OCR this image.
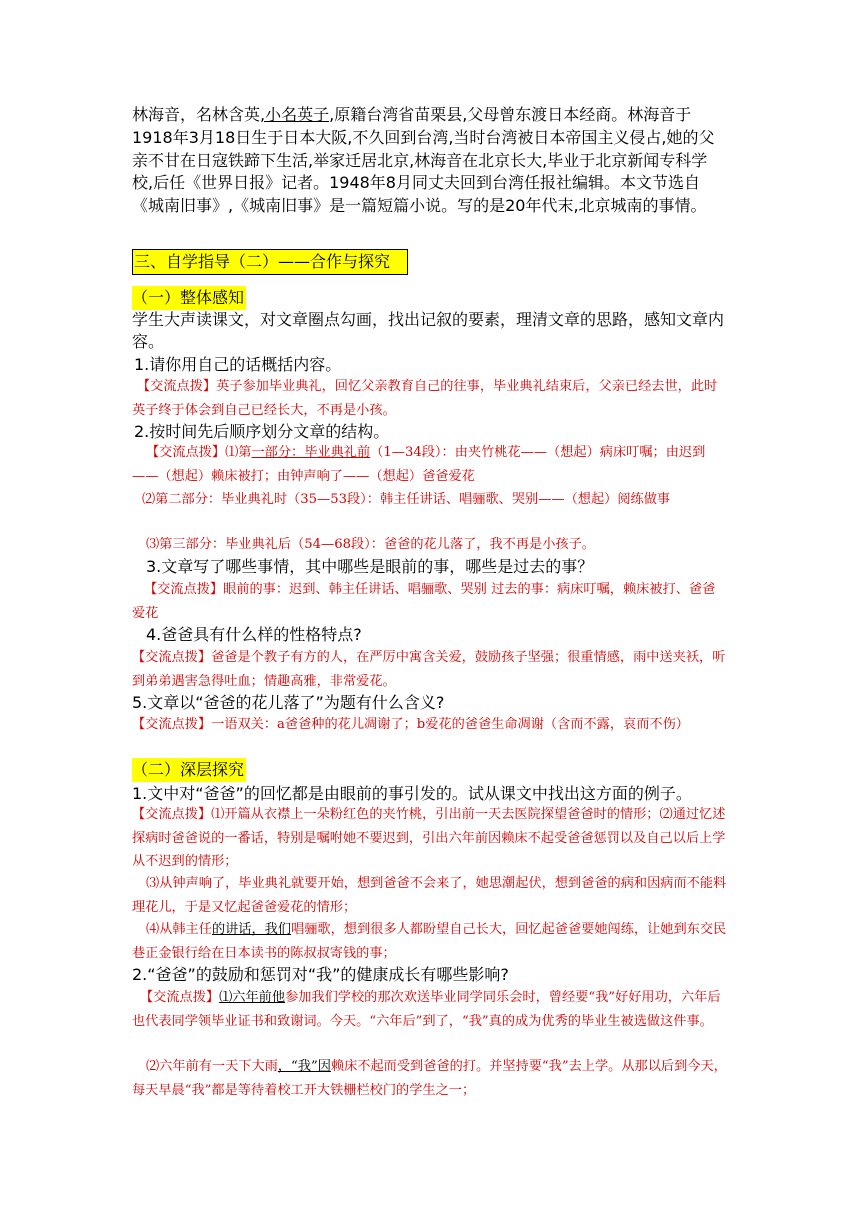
林海音，名林含英,小名英子,原籍台湾省苗栗县,父母曾东渡日本经商。林海音于1918年3月18日生于日本大阪,不久回到台湾,当时台湾被日本帝国主义侵占,她的父亲不甘在日寇铁蹄下生活,举家迁居北京,林海音在北京长大,毕业于北京新闻专科学校,后任《世界日报》记者。1948年8月同丈夫回到台湾任报社编辑。本文节选自《城南旧事》,《城南旧事》是一篇短篇小说。写的是20年代末,北京城南的事情。

三、自学指导（二）——合作与探究
（一）整体感知

学生大声读课文，对文章圈点勾画，找出记叙的要素，理清文章的思路，感知文章内容。

1.请你用自己的话概括内容。

【交流点拨】英子参加毕业典礼，回忆父亲教育自己的往事，毕业典礼结束后，父亲已经去世，此时英子终于体会到自己已经长大，不再是小孩。

2.按时间先后顺序划分文章的结构。

【交流点拨】⑴第一部分：毕业典礼前（1—34段）：由夹竹桃花——（想起）病床叮嘱；由迟到——（想起）赖床被打；由钟声响了——（想起）爸爸爱花

⑵第二部分：毕业典礼时（35—53段）：韩主任讲话、唱骊歌、哭别——（想起）阅练做事

⑶第三部分：毕业典礼后（54—68段）：爸爸的花儿落了，我不再是小孩子。

3.文章写了哪些事情，其中哪些是眼前的事，哪些是过去的事？

【交流点拨】眼前的事：迟到、韩主任讲话、唱骊歌、哭别 过去的事：病床叮嘱，赖床被打、爸爸爱花

4.爸爸具有什么样的性格特点?

【交流点拨】爸爸是个教子有方的人，在严厉中寓含关爱，鼓励孩子坚强；很重情感，雨中送夹袄，听到弟弟遇害急得吐血；情趣高雅，非常爱花。

5.文章以“爸爸的花儿落了”为题有什么含义?

【交流点拨】一语双关：a爸爸种的花儿凋谢了；b爱花的爸爸生命凋谢（含而不露，哀而不伤）

（二）深层探究
1.文中对“爸爸”的回忆都是由眼前的事引发的。试从课文中找出这方面的例子。

【交流点拨】⑴开篇从衣襟上一朵粉红色的夹竹桃，引出前一天去医院探望爸爸时的情形；⑵通过忆述探病时爸爸说的一番话，特别是嘱咐她不要迟到，引出六年前因赖床不起受爸爸惩罚以及自己以后上学从不迟到的情形；

⑶从钟声响了，毕业典礼就要开始，想到爸爸不会来了，她思潮起伏，想到爸爸的病和因病而不能料理花儿，于是又忆起爸爸爱花的情形；

⑷从韩主任的讲话，我们唱骊歌，想到很多人都盼望自己长大，回忆起爸爸要她闯练，让她到东交民巷正金银行给在日本读书的陈叔叔寄钱的事；

2.“爸爸”的鼓励和惩罚对“我”的健康成长有哪些影响?

【交流点拨】⑴六年前他参加我们学校的那次欢送毕业同学同乐会时，曾经要“我”好好用功，六年后也代表同学领毕业证书和致谢词。今天。“六年后”到了，“我”真的成为优秀的毕业生被选做这件事。

⑵六年前有一天下大雨，“我”因赖床不起而受到爸爸的打。并坚持要“我”去上学。从那以后到今天，每天早晨“我”都是等待着校工开大铁栅栏校门的学生之一；
